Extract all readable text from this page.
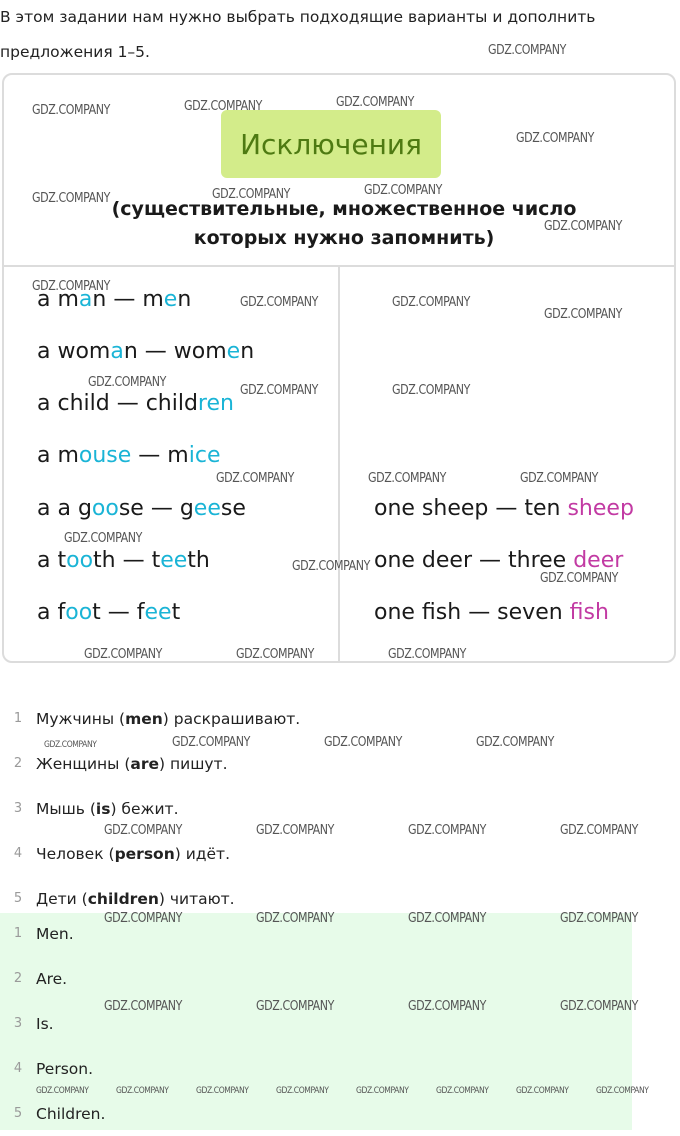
В этом задании нам нужно выбрать подходящие варианты и дополнить предложения 1–5.
Исключения
(существительные, множественное число которых нужно запомнить)
a man — men
a woman — women
a child — children
a mouse — mice
a a goose — geese
a tooth — teeth
a foot — feet
one sheep — ten sheep
one deer — three deer
one fish — seven fish
1 Мужчины ( men ) раскрашивают.
2 Женщины ( are ) пишут.
3 Мышь ( is ) бежит.
4 Человек ( person ) идёт.
5 Дети ( children ) читают.
1 Men.
2 Are.
3 Is.
4 Person.
5 Children.
GDZ.COMPANY
GDZ.COMPANY	GDZ.COMPANY	GDZ.COMPANY
GDZ.COMPANY
GDZ.COMPANY	GDZ.COMPANY	GDZ.COMPANY
GDZ.COMPANY
GDZ.COMPANY
GDZ.COMPANY	GDZ.COMPANY
GDZ.COMPANY
GDZ.COMPANY
GDZ.COMPANY	GDZ.COMPANY
GDZ.COMPANY	GDZ.COMPANY	GDZ.COMPANY
GDZ.COMPANY
GDZ.COMPANY
GDZ.COMPANY
GDZ.COMPANY	GDZ.COMPANY	GDZ.COMPANY
GDZ.COMPANY	GDZ.COMPANY	GDZ.COMPANY	GDZ.COMPANY
GDZ.COMPANY	GDZ.COMPANY	GDZ.COMPANY	GDZ.COMPANY
GDZ.COMPANY	GDZ.COMPANY	GDZ.COMPANY	GDZ.COMPANY
GDZ.COMPANY	GDZ.COMPANY	GDZ.COMPANY	GDZ.COMPANY
GDZ.COMPANY	GDZ.COMPANY	GDZ.COMPANY	GDZ.COMPANY	GDZ.COMPANY	GDZ.COMPANY	GDZ.COMPANY	GDZ.COMPANY
